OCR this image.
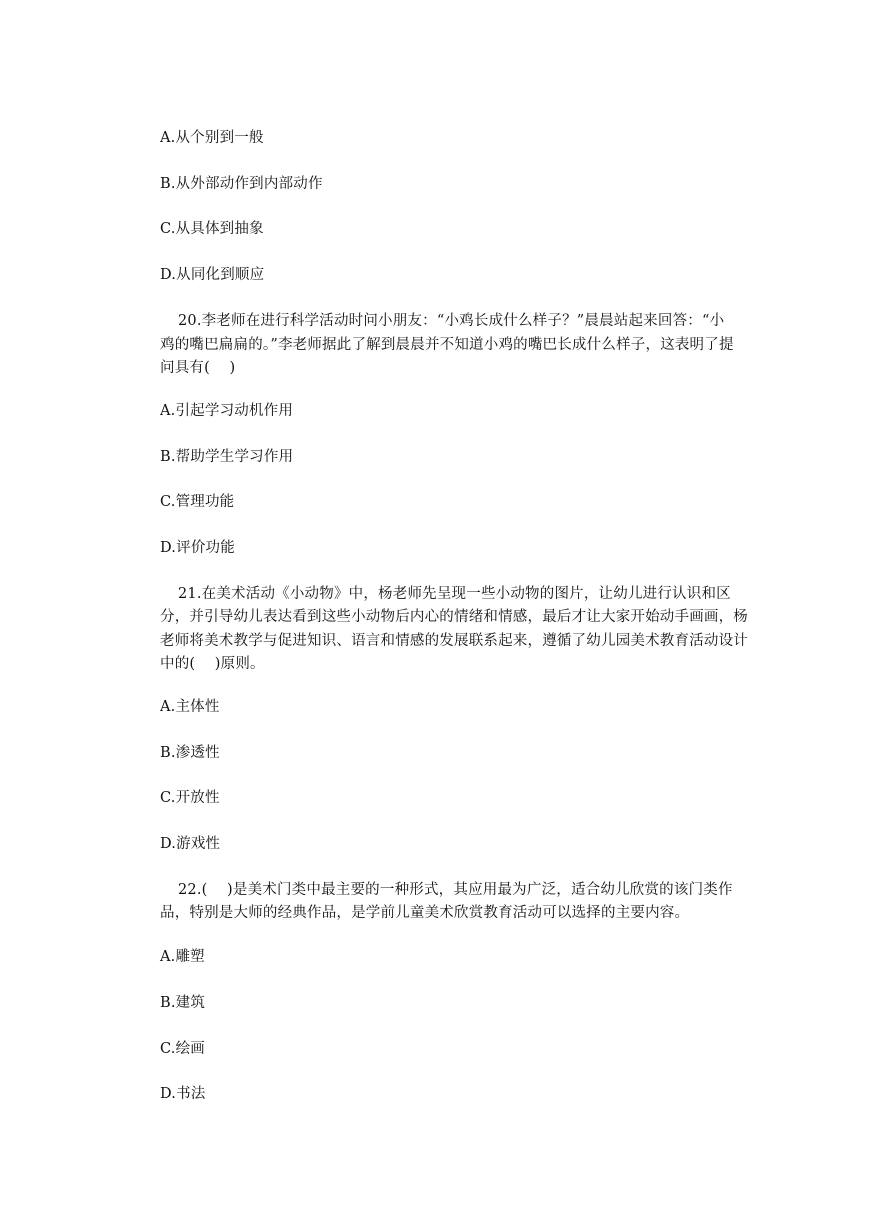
A.从个别到一般
B.从外部动作到内部动作
C.从具体到抽象
D.从同化到顺应
20.李老师在进行科学活动时问小朋友：“小鸡长成什么样子？”晨晨站起来回答：“小
鸡的嘴巴扁扁的。”李老师据此了解到晨晨并不知道小鸡的嘴巴长成什么样子，这表明了提
问具有(　 )
A.引起学习动机作用
B.帮助学生学习作用
C.管理功能
D.评价功能
21.在美术活动《小动物》中，杨老师先呈现一些小动物的图片，让幼儿进行认识和区
分，并引导幼儿表达看到这些小动物后内心的情绪和情感，最后才让大家开始动手画画，杨
老师将美术教学与促进知识、语言和情感的发展联系起来，遵循了幼儿园美术教育活动设计
中的(　 )原则。
A.主体性
B.渗透性
C.开放性
D.游戏性
22.(　 )是美术门类中最主要的一种形式，其应用最为广泛，适合幼儿欣赏的该门类作
品，特别是大师的经典作品，是学前儿童美术欣赏教育活动可以选择的主要内容。
A.雕塑
B.建筑
C.绘画
D.书法
